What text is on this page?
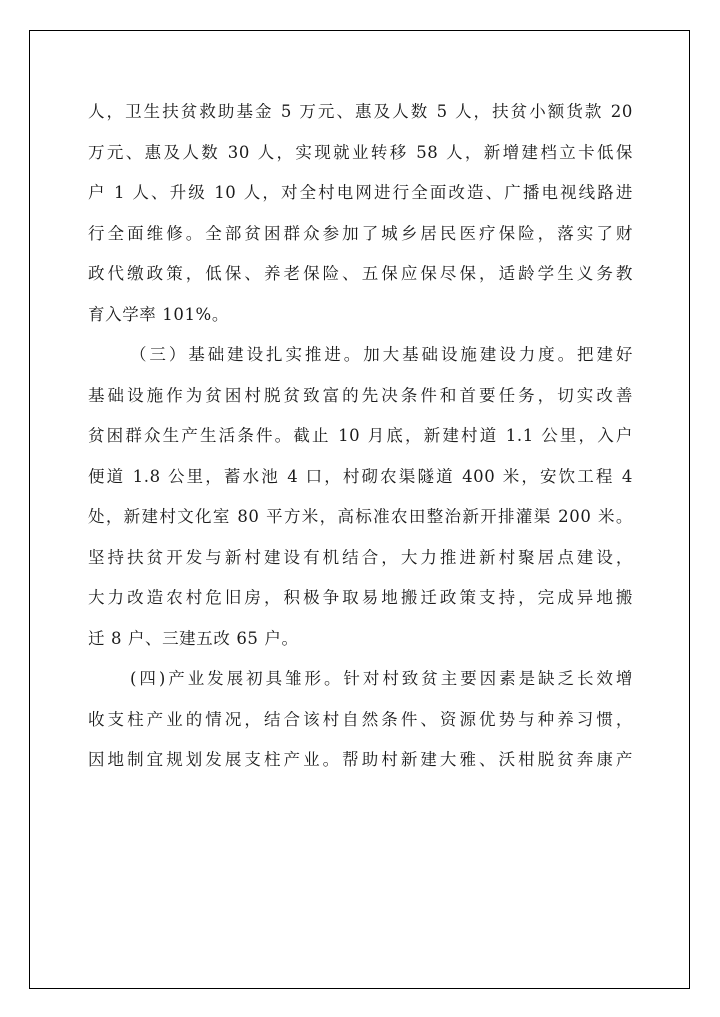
人，卫生扶贫救助基金 5 万元、惠及人数 5 人，扶贫小额货款 20
万元、惠及人数 30 人，实现就业转移 58 人，新增建档立卡低保
户 1 人、升级 10 人，对全村电网进行全面改造、广播电视线路进
行全面维修。全部贫困群众参加了城乡居民医疗保险，落实了财
政代缴政策，低保、养老保险、五保应保尽保，适龄学生义务教
育入学率 101%。
（三）基础建设扎实推进。加大基础设施建设力度。把建好
基础设施作为贫困村脱贫致富的先决条件和首要任务，切实改善
贫困群众生产生活条件。截止 10 月底，新建村道 1.1 公里，入户
便道 1.8 公里，蓄水池 4 口，村砌农渠隧道 400 米，安饮工程 4
处，新建村文化室 80 平方米，高标准农田整治新开排灌渠 200 米。
坚持扶贫开发与新村建设有机结合，大力推进新村聚居点建设，
大力改造农村危旧房，积极争取易地搬迁政策支持，完成异地搬
迁 8 户、三建五改 65 户。
(四)产业发展初具雏形。针对村致贫主要因素是缺乏长效增
收支柱产业的情况，结合该村自然条件、资源优势与种养习惯，
因地制宜规划发展支柱产业。帮助村新建大雅、沃柑脱贫奔康产
